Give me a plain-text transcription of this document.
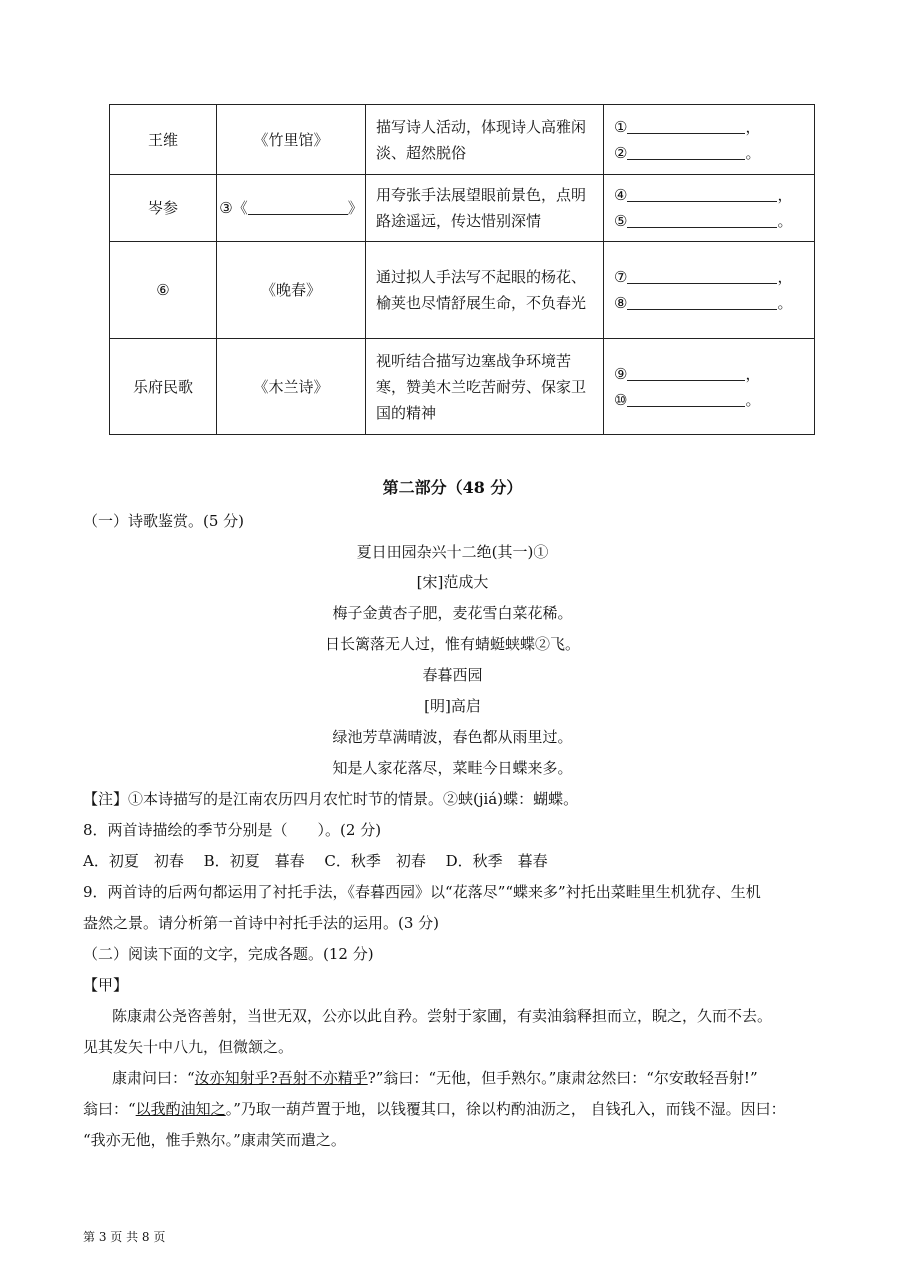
王维	《竹里馆》	描写诗人活动，体现诗人高雅闲淡、超然脱俗	① ，
② 。

岑参	③《 》	用夸张手法展望眼前景色，点明路途遥远，传达惜别深情	④ ，
⑤ 。

⑥	《晚春》	通过拟人手法写不起眼的杨花、榆荚也尽情舒展生命，不负春光	⑦ ，
⑧ 。

乐府民歌	《木兰诗》	视听结合描写边塞战争环境苦寒，赞美木兰吃苦耐劳、保家卫国的精神	⑨ ，
⑩ 。
第二部分（48 分）
（一）诗歌鉴赏。(5 分)
夏日田园杂兴十二绝(其一)①
[宋]范成大
梅子金黄杏子肥，麦花雪白菜花稀。
日长篱落无人过，惟有蜻蜓蛱蝶②飞。
春暮西园
[明]高启
绿池芳草满晴波，春色都从雨里过。
知是人家花落尽，菜畦今日蝶来多。
【注】①本诗描写的是江南农历四月农忙时节的情景。②蛱(jiá)蝶：蝴蝶。
8．两首诗描绘的季节分别是（　　）。(2 分)
A．初夏　初春　 B．初夏　暮春　 C．秋季　初春　 D．秋季　暮春
9．两首诗的后两句都运用了衬托手法，《春暮西园》以“花落尽”“蝶来多”衬托出菜畦里生机犹存、生机
盎然之景。请分析第一首诗中衬托手法的运用。(3 分)
（二）阅读下面的文字，完成各题。(12 分)
【甲】
陈康肃公尧咨善射，当世无双，公亦以此自矜。尝射于家圃，有卖油翁释担而立，睨之，久而不去。
见其发矢十中八九，但微颔之。
康肃问曰：“汝亦知射乎?吾射不亦精乎?”翁曰：“无他，但手熟尔。”康肃忿然曰：“尔安敢轻吾射!”
翁曰：“以我酌油知之。”乃取一葫芦置于地，以钱覆其口，徐以杓酌油沥之， 自钱孔入，而钱不湿。因曰：
“我亦无他，惟手熟尔。”康肃笑而遣之。
第 3 页 共 8 页
